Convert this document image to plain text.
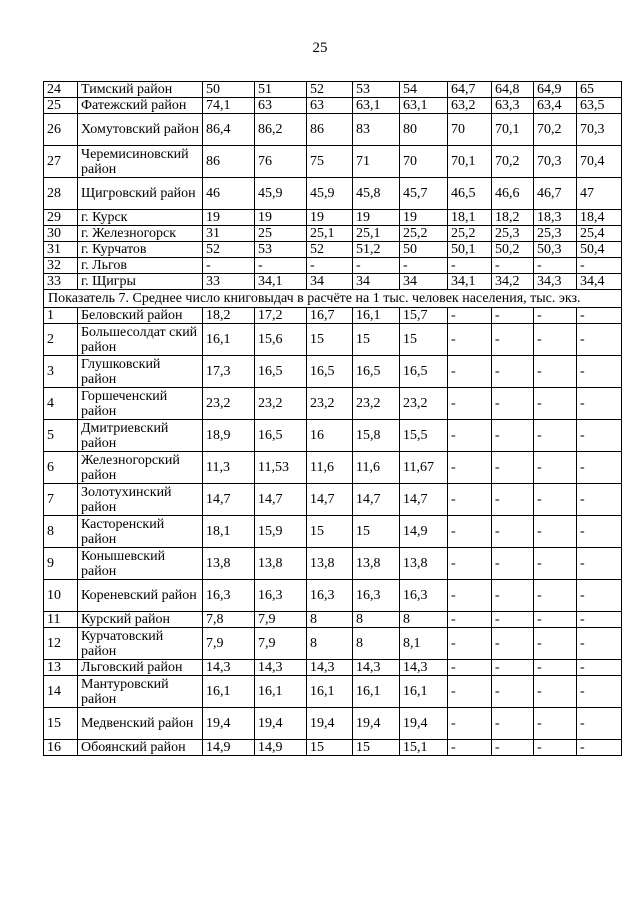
25
24	Тимский район	50	51	52	53	54	64,7	64,8	64,9	65
25	Фатежский район	74,1	63	63	63,1	63,1	63,2	63,3	63,4	63,5
26	Хомутовский район	86,4	86,2	86	83	80	70	70,1	70,2	70,3
27	Черемисиновский район	86	76	75	71	70	70,1	70,2	70,3	70,4
28	Щигровский район	46	45,9	45,9	45,8	45,7	46,5	46,6	46,7	47
29	г. Курск	19	19	19	19	19	18,1	18,2	18,3	18,4
30	г. Железногорск	31	25	25,1	25,1	25,2	25,2	25,3	25,3	25,4
31	г. Курчатов	52	53	52	51,2	50	50,1	50,2	50,3	50,4
32	г. Льгов	-	-	-	-	-	-	-	-	-
33	г. Щигры	33	34,1	34	34	34	34,1	34,2	34,3	34,4
Показатель 7. Среднее число книговыдач в расчёте на 1 тыс. человек населения, тыс. экз.										
1	Беловский район	18,2	17,2	16,7	16,1	15,7	-	-	-	-
2	Большесолдат ский район	16,1	15,6	15	15	15	-	-	-	-
3	Глушковский район	17,3	16,5	16,5	16,5	16,5	-	-	-	-
4	Горшеченский район	23,2	23,2	23,2	23,2	23,2	-	-	-	-
5	Дмитриевский район	18,9	16,5	16	15,8	15,5	-	-	-	-
6	Железногорский район	11,3	11,53	11,6	11,6	11,67	-	-	-	-
7	Золотухинский район	14,7	14,7	14,7	14,7	14,7	-	-	-	-
8	Касторенский район	18,1	15,9	15	15	14,9	-	-	-	-
9	Конышевский район	13,8	13,8	13,8	13,8	13,8	-	-	-	-
10	Кореневский район	16,3	16,3	16,3	16,3	16,3	-	-	-	-
11	Курский район	7,8	7,9	8	8	8	-	-	-	-
12	Курчатовский район	7,9	7,9	8	8	8,1	-	-	-	-
13	Льговский район	14,3	14,3	14,3	14,3	14,3	-	-	-	-
14	Мантуровский район	16,1	16,1	16,1	16,1	16,1	-	-	-	-
15	Медвенский район	19,4	19,4	19,4	19,4	19,4	-	-	-	-
16	Обоянский район	14,9	14,9	15	15	15,1	-	-	-	-
